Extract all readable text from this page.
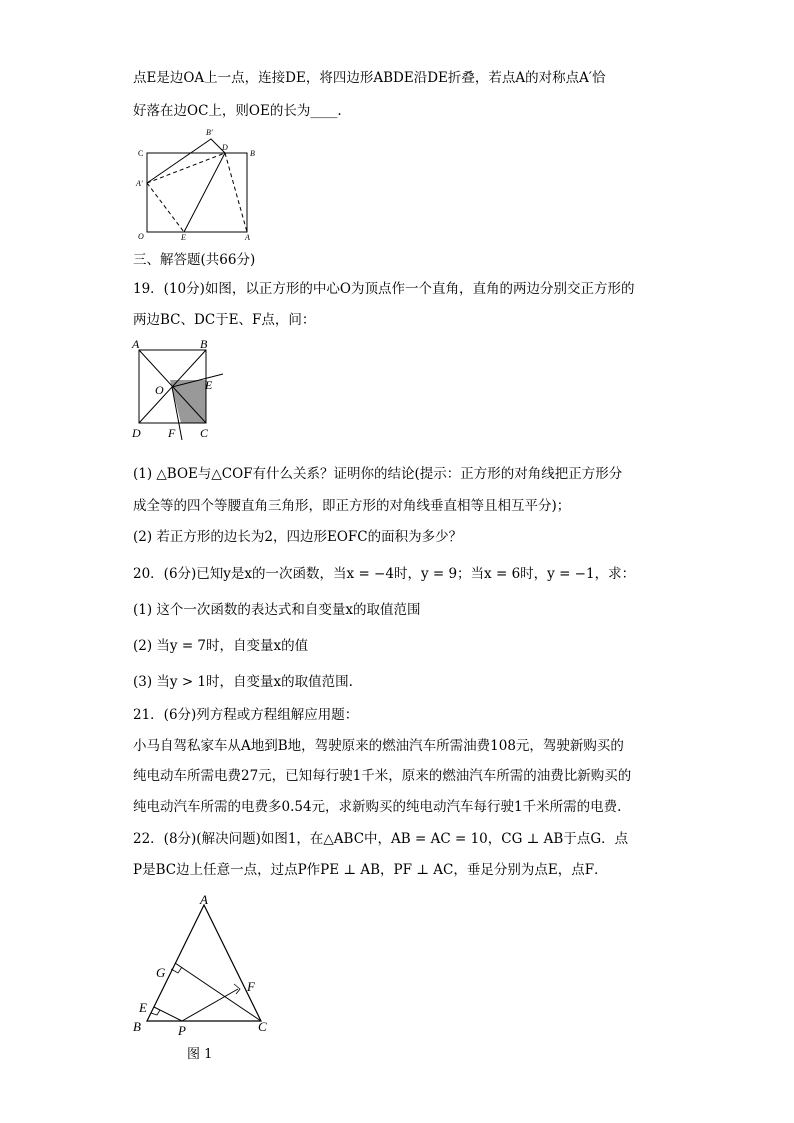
点E是边OA上一点，连接DE，将四边形ABDE沿DE折叠，若点A的对称点A′恰
好落在边OC上，则OE的长为____.
C
B'
D
B
A'
O	E	A
三、解答题(共66分)
19．(10分)如图，以正方形的中心O为顶点作一个直角，直角的两边分别交正方形的
两边BC、DC于E、F点，问：
A	B
O	E
D F C
(1) △BOE与△COF有什么关系？证明你的结论(提示：正方形的对角线把正方形分
成全等的四个等腰直角三角形，即正方形的对角线垂直相等且相互平分)；
(2) 若正方形的边长为2，四边形EOFC的面积为多少？
20．(6分)已知y是x的一次函数，当x = −4时，y = 9；当x = 6时，y = −1，求：
(1) 这个一次函数的表达式和自变量x的取值范围
(2) 当y = 7时，自变量x的值
(3) 当y > 1时，自变量x的取值范围.
21．(6分)列方程或方程组解应用题：
小马自驾私家车从A地到B地，驾驶原来的燃油汽车所需油费108元，驾驶新购买的
纯电动车所需电费27元，已知每行驶1千米，原来的燃油汽车所需的油费比新购买的
纯电动汽车所需的电费多0.54元，求新购买的纯电动汽车每行驶1千米所需的电费.
22．(8分)(解决问题)如图1，在△ABC中，AB = AC = 10，CG ⊥ AB于点G．点
P是BC边上任意一点，过点P作PE ⊥ AB，PF ⊥ AC，垂足分别为点E，点F．
A
G
F
E
B	P	C
图 1
